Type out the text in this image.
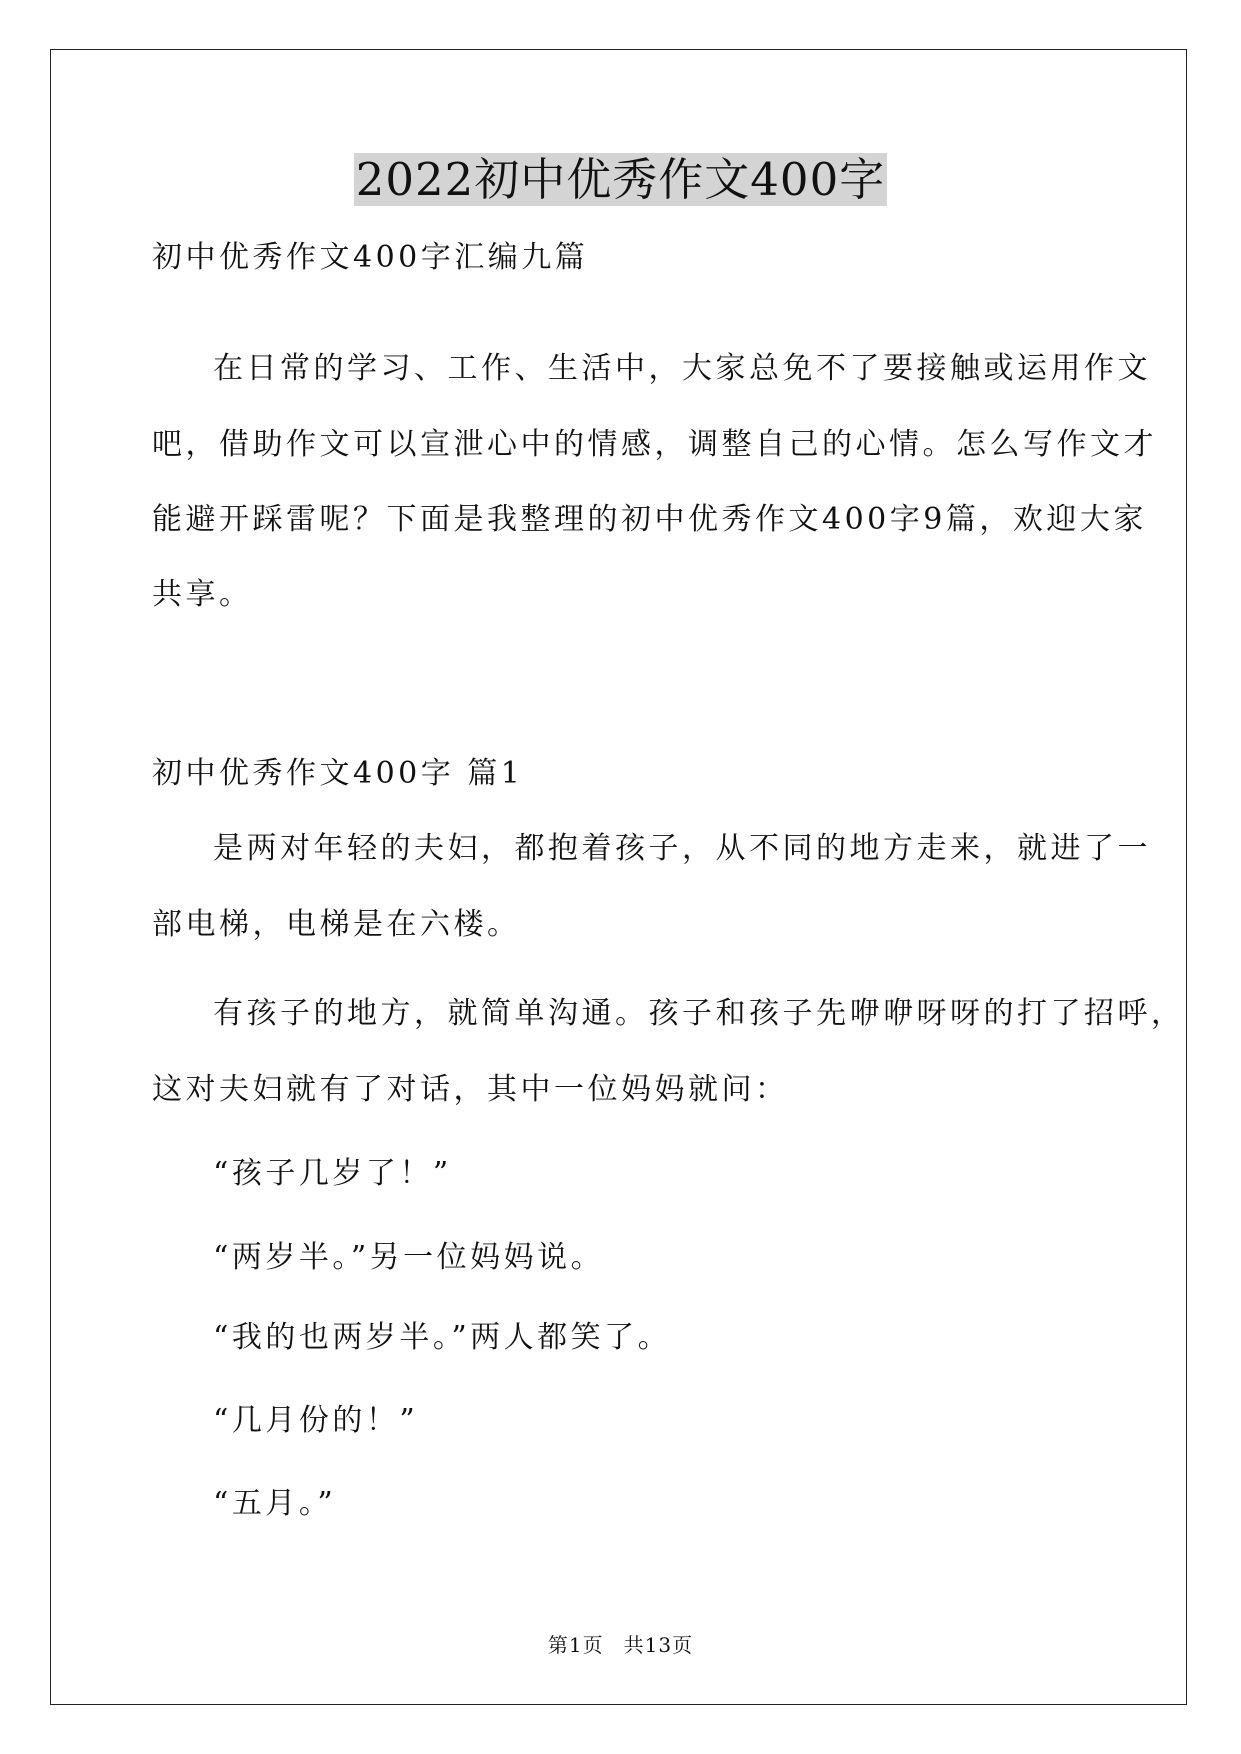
2022初中优秀作文400字
初中优秀作文400字汇编九篇
在日常的学习、工作、生活中，大家总免不了要接触或运用作文
吧，借助作文可以宣泄心中的情感，调整自己的心情。怎么写作文才
能避开踩雷呢？下面是我整理的初中优秀作文400字9篇，欢迎大家
共享。
初中优秀作文400字 篇1
是两对年轻的夫妇，都抱着孩子，从不同的地方走来，就进了一
部电梯，电梯是在六楼。
有孩子的地方，就简单沟通。孩子和孩子先咿咿呀呀的打了招呼，
这对夫妇就有了对话，其中一位妈妈就问：
“孩子几岁了！”
“两岁半。”另一位妈妈说。
“我的也两岁半。”两人都笑了。
“几月份的！”
“五月。”
第1页 共13页
